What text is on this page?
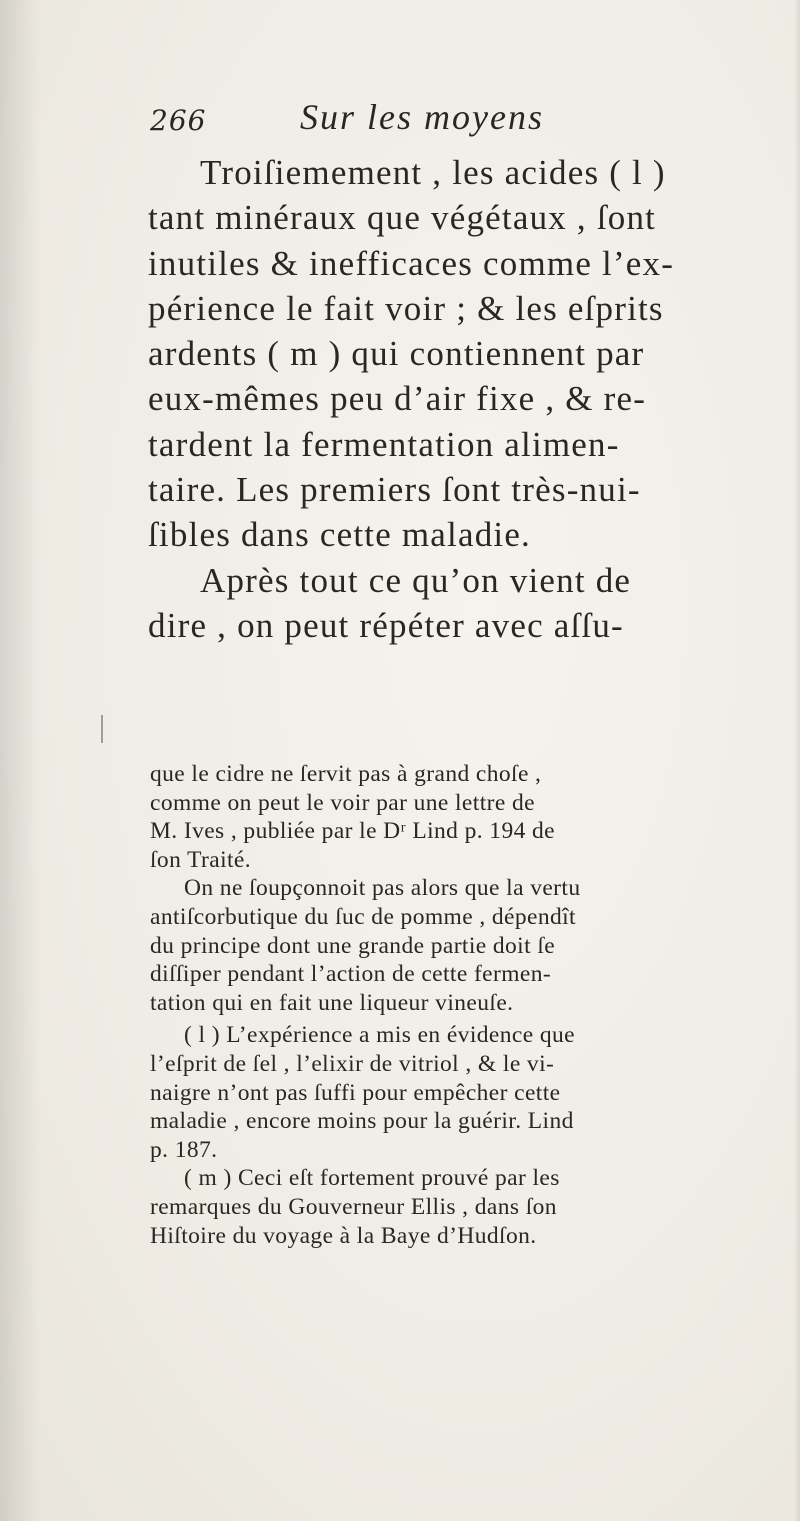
266	Sur les moyens
Troiſiemement , les acides ( l )
tant minéraux que végétaux , ſont
inutiles & inefficaces comme l’ex-
périence le fait voir ; & les eſprits
ardents ( m ) qui contiennent par
eux-mêmes peu d’air fixe , & re-
tardent la fermentation alimen-
taire. Les premiers ſont très-nui-
ſibles dans cette maladie.
Après tout ce qu’on vient de
dire , on peut répéter avec aſſu-
que le cidre ne ſervit pas à grand choſe ,
comme on peut le voir par une lettre de
M. Ives , publiée par le Dʳ Lind p. 194 de
ſon Traité.
On ne ſoupçonnoit pas alors que la vertu
antiſcorbutique du ſuc de pomme , dépendît
du principe dont une grande partie doit ſe
diſſiper pendant l’action de cette fermen-
tation qui en fait une liqueur vineuſe.
( l ) L’expérience a mis en évidence que
l’eſprit de ſel , l’elixir de vitriol , & le vi-
naigre n’ont pas ſuffi pour empêcher cette
maladie , encore moins pour la guérir. Lind
p. 187.
( m ) Ceci eſt fortement prouvé par les
remarques du Gouverneur Ellis , dans ſon
Hiſtoire du voyage à la Baye d’Hudſon.
